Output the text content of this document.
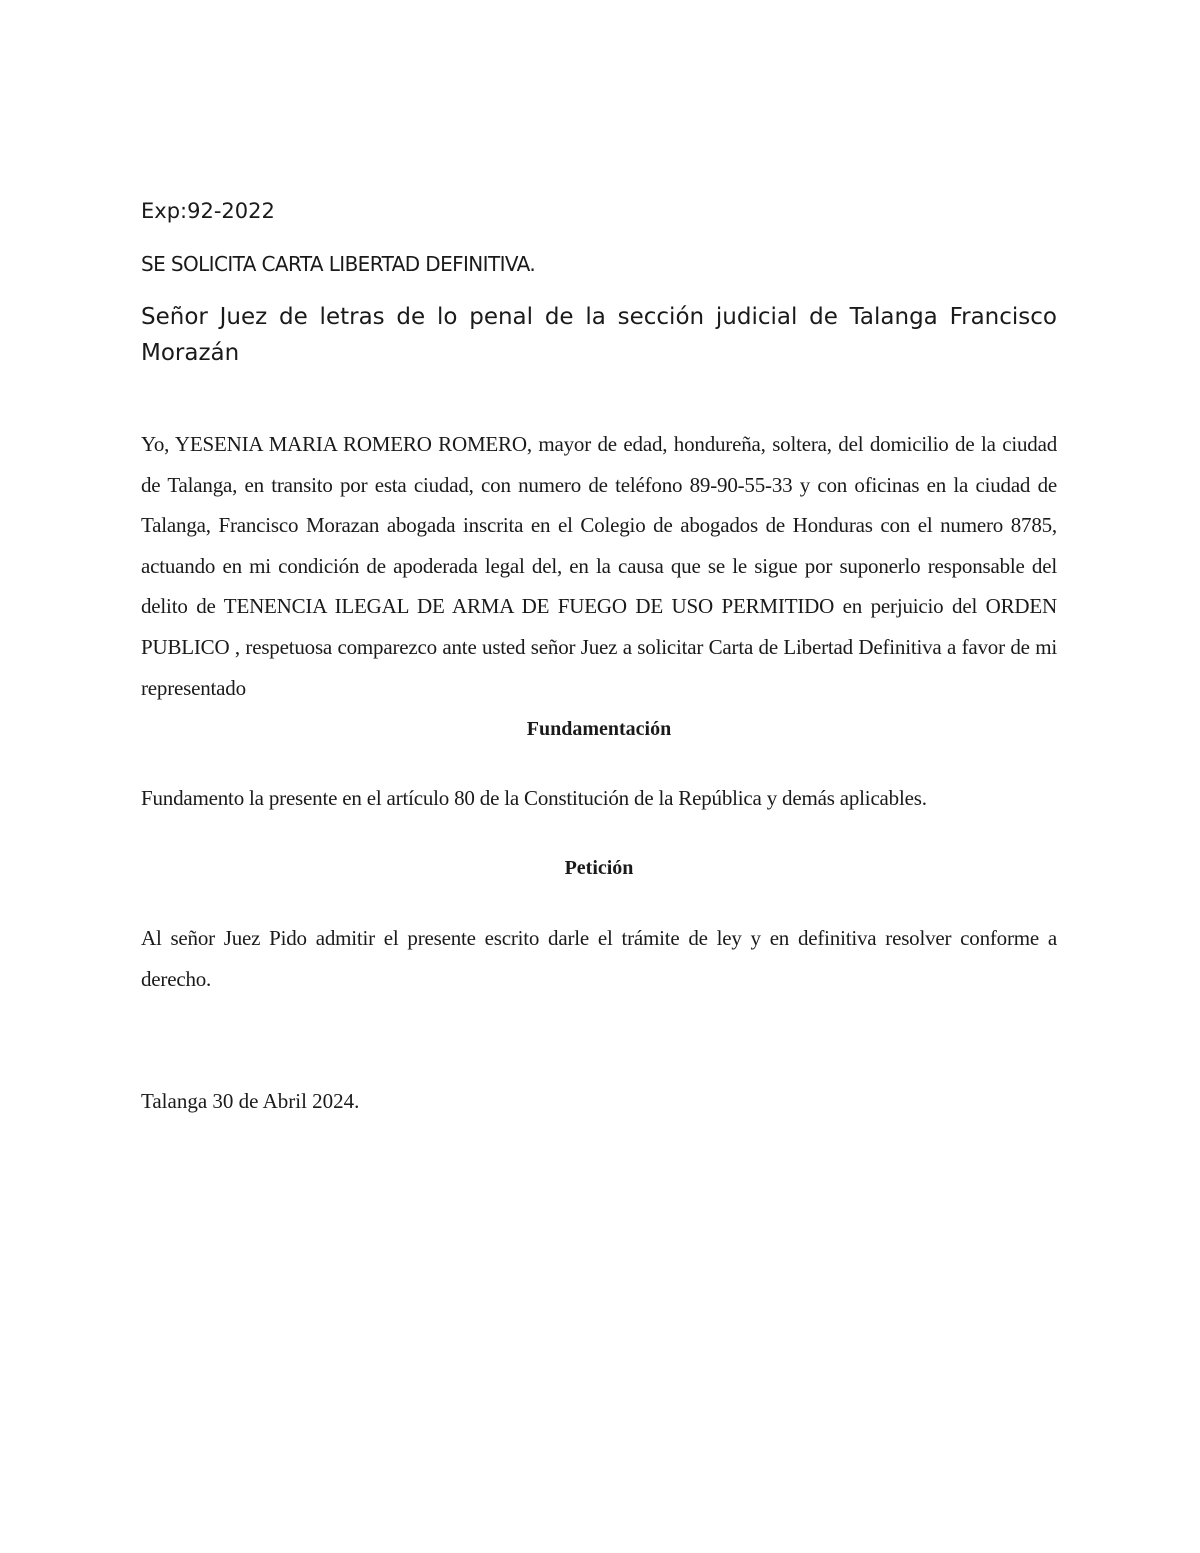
Exp:92-2022
SE SOLICITA CARTA LIBERTAD DEFINITIVA.
Señor Juez de letras de lo penal de la sección judicial de Talanga Francisco Morazán
Yo, YESENIA MARIA ROMERO ROMERO, mayor de edad, hondureña, soltera, del domicilio de la ciudad de Talanga, en transito por esta ciudad, con numero de teléfono 89-90-55-33 y con oficinas en la ciudad de Talanga, Francisco Morazan abogada inscrita en el Colegio de abogados de Honduras con el numero 8785, actuando en mi condición de apoderada legal del, en la causa que se le sigue por suponerlo responsable del delito de TENENCIA ILEGAL DE ARMA DE FUEGO DE USO PERMITIDO en perjuicio del ORDEN PUBLICO , respetuosa comparezco ante usted señor Juez a solicitar Carta de Libertad Definitiva a favor de mi representado
Fundamentación
Fundamento la presente en el artículo 80 de la Constitución de la República y demás aplicables.
Petición
Al señor Juez Pido admitir el presente escrito darle el trámite de ley y en definitiva resolver conforme a derecho.
Talanga 30 de Abril 2024.
